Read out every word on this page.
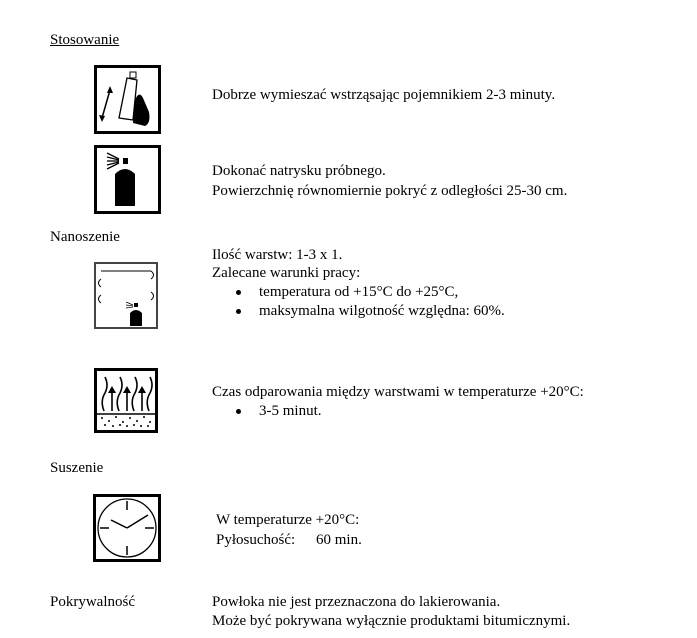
Stosowanie
Dobrze wymieszać wstrząsając pojemnikiem 2-3 minuty.
Dokonać natrysku próbnego.
Powierzchnię równomiernie pokryć z odległości 25-30 cm.
Nanoszenie
Ilość warstw: 1-3 x 1.
Zalecane warunki pracy:
temperatura od +15°C do +25°C,
maksymalna wilgotność względna: 60%.
Czas odparowania między warstwami w temperaturze +20°C:
3-5 minut.
Suszenie
W temperaturze +20°C:
Pyłosuchość: 60 min.
Pokrywalność	Powłoka nie jest przeznaczona do lakierowania.
Może być pokrywana wyłącznie produktami bitumicznymi.
